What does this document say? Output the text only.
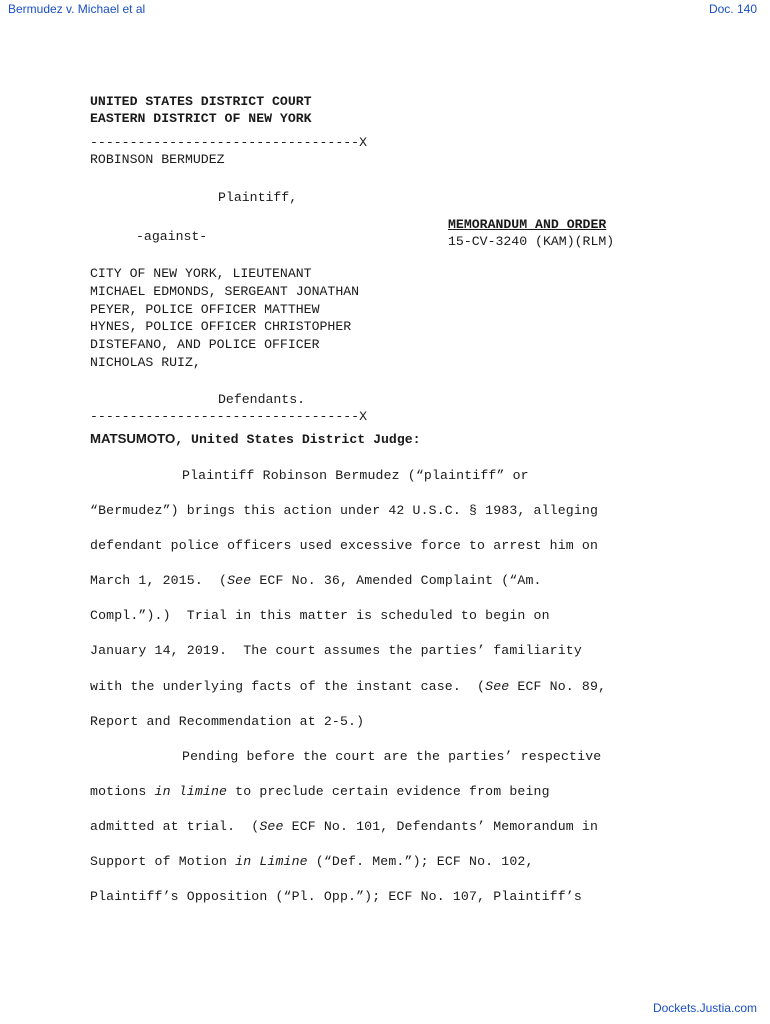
Bermudez v. Michael et al	Doc. 140
UNITED STATES DISTRICT COURT
EASTERN DISTRICT OF NEW YORK
----------------------------------X
ROBINSON BERMUDEZ
Plaintiff,
MEMORANDUM AND ORDER
-against-	15-CV-3240 (KAM)(RLM)
CITY OF NEW YORK, LIEUTENANT
MICHAEL EDMONDS, SERGEANT JONATHAN
PEYER, POLICE OFFICER MATTHEW
HYNES, POLICE OFFICER CHRISTOPHER
DISTEFANO, AND POLICE OFFICER
NICHOLAS RUIZ,
Defendants.
----------------------------------X
MATSUMOTO, United States District Judge:
Plaintiff Robinson Bermudez (“plaintiff” or
“Bermudez”) brings this action under 42 U.S.C. § 1983, alleging
defendant police officers used excessive force to arrest him on
March 1, 2015.  (See ECF No. 36, Amended Complaint (“Am.
Compl.”).)  Trial in this matter is scheduled to begin on
January 14, 2019.  The court assumes the parties’ familiarity
with the underlying facts of the instant case.  (See ECF No. 89,
Report and Recommendation at 2-5.)
Pending before the court are the parties’ respective
motions in limine to preclude certain evidence from being
admitted at trial.  (See ECF No. 101, Defendants’ Memorandum in
Support of Motion in Limine (“Def. Mem.”); ECF No. 102,
Plaintiff’s Opposition (“Pl. Opp.”); ECF No. 107, Plaintiff’s
Dockets.Justia.com
